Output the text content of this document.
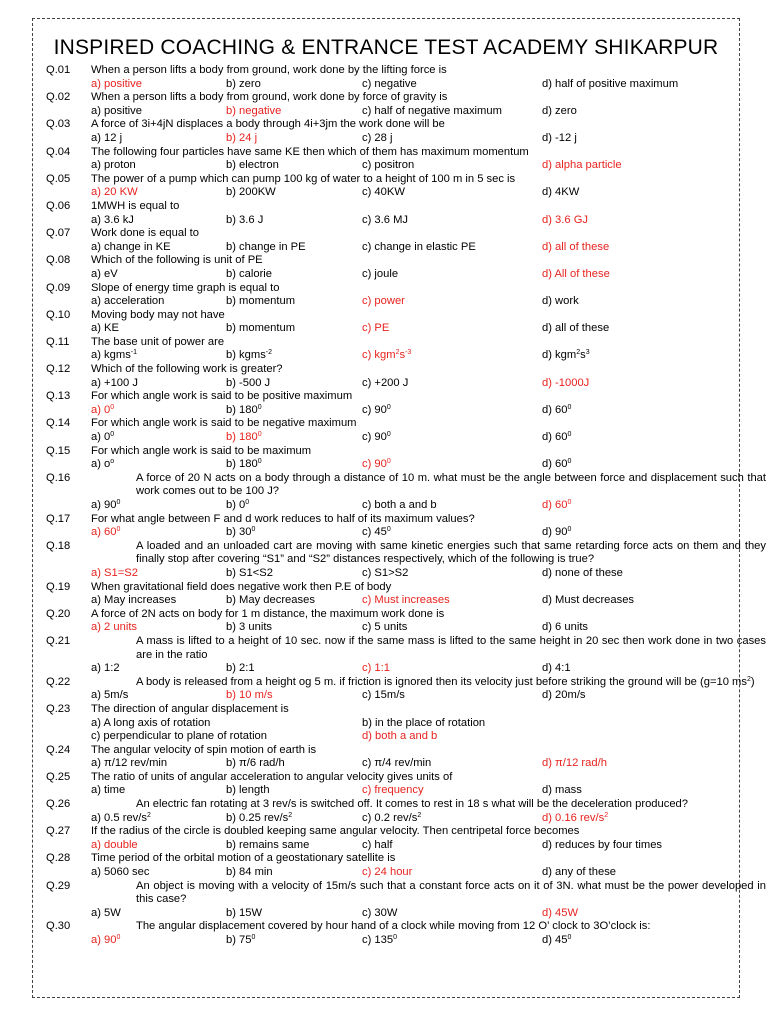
INSPIRED COACHING & ENTRANCE TEST ACADEMY SHIKARPUR
Q.01 When a person lifts a body from ground, work done by the lifting force is
a) positive	b) zero	c) negative	d) half of positive maximum
Q.02 When a person lifts a body from ground, work done by force of gravity is
a) positive	b) negative	c) half of negative maximum	d) zero
Q.03 A force of 3i+4jN displaces a body through 4i+3jm the work done will be
a) 12 j	b) 24 j	c) 28 j	d) -12 j
Q.04 The following four particles have same KE then which of them has maximum momentum
a) proton	b) electron	c) positron	d) alpha particle
Q.05 The power of a pump which can pump 100 kg of water to a height of 100 m in 5 sec is
a) 20 KW	b) 200KW	c) 40KW	d) 4KW
Q.06 1MWH is equal to
a) 3.6 kJ	b) 3.6 J	c) 3.6 MJ	d) 3.6 GJ
Q.07 Work done is equal to
a) change in KE	b) change in PE	c) change in elastic PE	d) all of these
Q.08 Which of the following is unit of PE
a) eV	b) calorie	c) joule	d) All of these
Q.09 Slope of energy time graph is equal to
a) acceleration	b) momentum	c) power	d) work
Q.10 Moving body may not have
a) KE	b) momentum	c) PE	d) all of these
Q.11 The base unit of power are
a) kgms$^{-1}$	b) kgms$^{-2}$	c) $kgm^2s^{-3}$	d) $kgm^2s^3$
Q.12 Which of the following work is greater?
a) +100 J	b) -500 J	c) +200 J	d) -1000J
Q.13 For which angle work is said to be positive maximum
a) $0^0$	b) $180^0$	c) $90^0$	d) $60^0$
Q.14 For which angle work is said to be negative maximum
a) $0^0$	b) $180^0$	c) $90^0$	d) $60^0$
Q.15 For which angle work is said to be maximum
a) $o^o$	b) $180^0$	c) $90^0$	d) $60^0$
Q.16	A force of 20 N acts on a body through a distance of 10 m. what must be the angle between force and displacement such that work comes out to be 100 J?
a) $90^0$	b) $0^0$	c) both a and b	d) $60^0$
Q.17 For what angle between F and d work reduces to half of its maximum values?
a) $60^0$	b) $30^0$	c) $45^0$	d) $90^0$
Q.18	A loaded and an unloaded cart are moving with same kinetic energies such that same retarding force acts on them and they finally stop after covering “S1” and “S2” distances respectively, which of the following is true?
a) S1=S2	b) S1<S2	c) S1>S2	d) none of these
Q.19 When gravitational field does negative work then P.E of body
a) May increases	b) May decreases	c) Must increases	d) Must decreases
Q.20 A force of 2N acts on body for 1 m distance, the maximum work done is
a) 2 units	b) 3 units	c) 5 units	d) 6 units
Q.21	A mass is lifted to a height of 10 sec. now if the same mass is lifted to the same height in 20 sec then work done in two cases are in the ratio
a) 1:2	b) 2:1	c) 1:1	d) 4:1
Q.22	A body is released from a height og 5 m. if friction is ignored then its velocity just before striking the ground will be (g=10 $ms^2$)
a) 5m/s	b) 10 m/s	c) 15m/s	d) 20m/s
Q.23 The direction of angular displacement is
a) A long axis of rotation	b) in the place of rotation
c) perpendicular to plane of rotation	d) both a and b
Q.24 The angular velocity of spin motion of earth is
a) π/12 rev/min	b) π/6 rad/h	c) π/4 rev/min	d) π/12 rad/h
Q.25 The ratio of units of angular acceleration to angular velocity gives units of
a) time	b) length	c) frequency	d) mass
Q.26	An electric fan rotating at 3 rev/s is switched off. It comes to rest in 18 s what will be the deceleration produced?
a) 0.5 rev/$s^2$	b) 0.25 rev/$s^2$	c) 0.2 rev/$s^2$	d) 0.16 rev/$s^2$
Q.27 If the radius of the circle is doubled keeping same angular velocity. Then centripetal force becomes
a) double	b) remains same	c) half	d) reduces by four times
Q.28 Time period of the orbital motion of a geostationary satellite is
a) 5060 sec	b) 84 min	c) 24 hour	d) any of these
Q.29	An object is moving with a velocity of 15m/s such that a constant force acts on it of 3N. what must be the power developed in this case?
a) 5W	b) 15W	c) 30W	d) 45W
Q.30	The angular displacement covered by hour hand of a clock while moving from 12 O’ clock to 3O’clock is:
a) $90^0$	b) $75^0$	c) $135^0$	d) $45^0$
